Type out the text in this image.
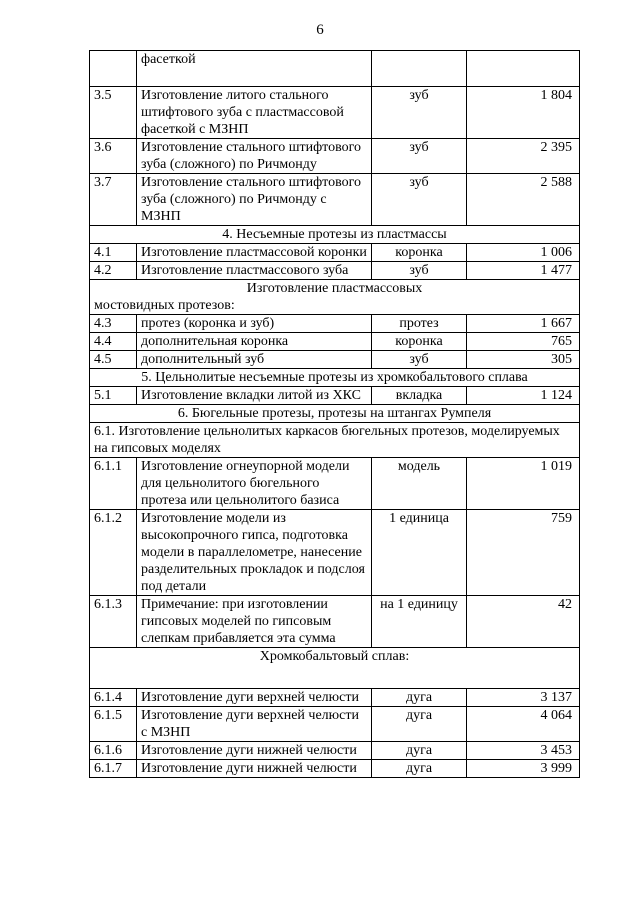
6
	фасеткой		
3.5	Изготовление литого стального штифтового зуба с пластмассовой фасеткой с МЗНП	зуб	1 804
3.6	Изготовление стального штифтового зуба (сложного) по Ричмонду	зуб	2 395
3.7	Изготовление стального штифтового зуба (сложного) по Ричмонду с МЗНП	зуб	2 588

4. Несъемные протезы из пластмассы			

4.1	Изготовление пластмассовой коронки	коронка	1 006
4.2	Изготовление пластмассового зуба	зуб	1 477

Изготовление пластмассовых
мостовидных протезов:			

4.3	протез (коронка и зуб)	протез	1 667
4.4	дополнительная коронка	коронка	765
4.5	дополнительный зуб	зуб	305

5. Цельнолитые несъемные протезы из хромкобальтового сплава			

5.1	Изготовление вкладки литой из ХКС	вкладка	1 124

6. Бюгельные протезы, протезы на штангах Румпеля			

6.1. Изготовление цельнолитых каркасов бюгельных протезов, моделируемых на гипсовых моделях			

6.1.1	Изготовление огнеупорной модели для цельнолитого бюгельного протеза или цельнолитого базиса	модель	1 019
6.1.2	Изготовление модели из высокопрочного гипса, подготовка модели в параллелометре, нанесение разделительных прокладок и подслоя под детали	1 единица	759
6.1.3	Примечание: при изготовлении гипсовых моделей по гипсовым слепкам прибавляется эта сумма	на 1 единицу	42

Хромкобальтовый сплав:			

6.1.4	Изготовление дуги верхней челюсти	дуга	3 137
6.1.5	Изготовление дуги верхней челюсти с МЗНП	дуга	4 064
6.1.6	Изготовление дуги нижней челюсти	дуга	3 453
6.1.7	Изготовление дуги нижней челюсти	дуга	3 999
